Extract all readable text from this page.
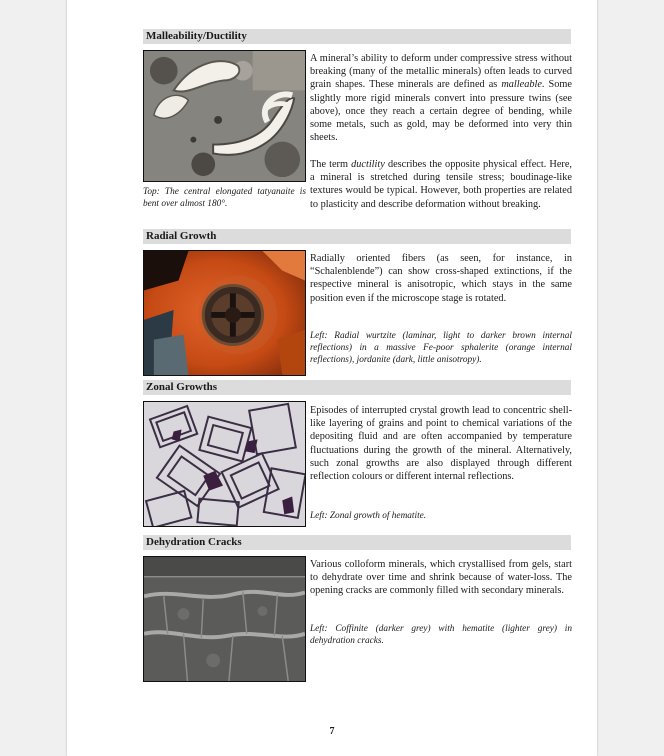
Malleability/Ductility

A mineral’s ability to deform under compressive stress without breaking (many of the metallic minerals) often leads to curved grain shapes. These minerals are defined as malleable. Some slightly more rigid minerals convert into pressure twins (see above), once they reach a certain degree of bending, while some metals, such as gold, may be deformed into very thin sheets.

The term ductility describes the opposite physical effect. Here, a mineral is stretched during tensile stress; boudinage-like textures would be typical. However, both properties are related to plasticity and describe deformation without breaking.

Top: The central elongated tatyanaite is bent over almost 180°.

Radial Growth

Radially oriented fibers (as seen, for instance, in “Schalenblende”) can show cross-shaped extinctions, if the respective mineral is anisotropic, which stays in the same position even if the microscope stage is rotated.

Left: Radial wurtzite (laminar, light to darker brown internal reflections) in a massive Fe-poor sphalerite (orange internal reflections), jordanite (dark, little anisotropy).

Zonal Growths

Episodes of interrupted crystal growth lead to concentric shell-like layering of grains and point to chemical variations of the depositing fluid and are often accompanied by temperature fluctuations during the growth of the mineral. Alternatively, such zonal growths are also displayed through different reflection colours or different internal reflections.

Left: Zonal growth of hematite.

Dehydration Cracks

Various colloform minerals, which crystallised from gels, start to dehydrate over time and shrink because of water-loss. The opening cracks are commonly filled with secondary minerals.

Left: Coffinite (darker grey) with hematite (lighter grey) in dehydration cracks.

7
